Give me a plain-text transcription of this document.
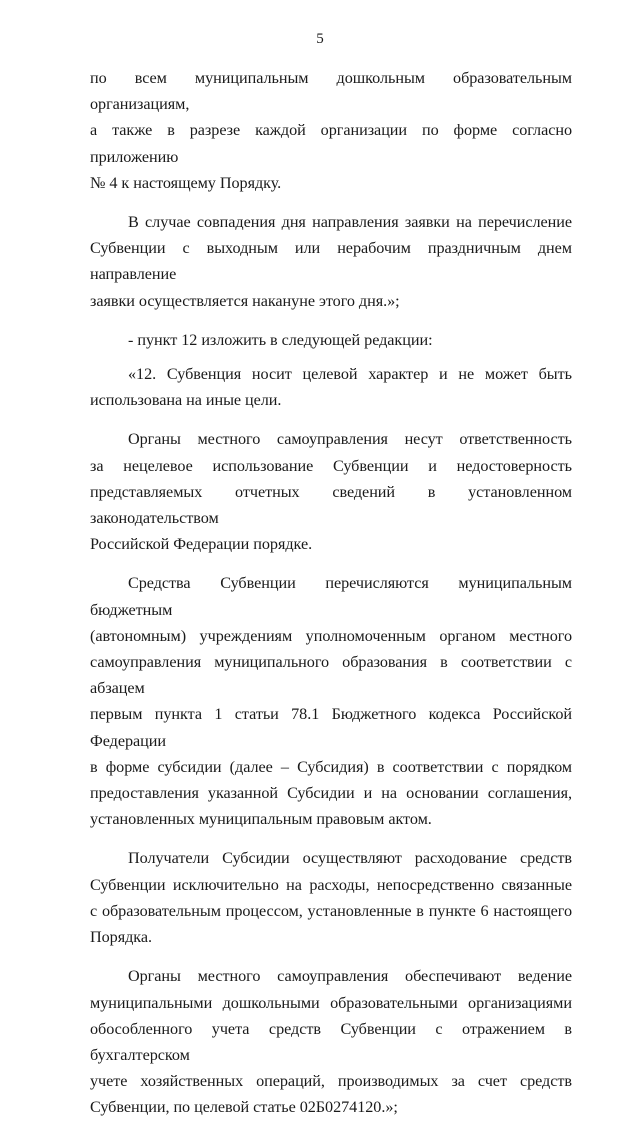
5
по всем муниципальным дошкольным образовательным организациям,
а также в разрезе каждой организации по форме согласно приложению
№ 4 к настоящему Порядку.
В случае совпадения дня направления заявки на перечисление
Субвенции с выходным или нерабочим праздничным днем направление
заявки осуществляется накануне этого дня.»;
- пункт 12 изложить в следующей редакции:
«12. Субвенция носит целевой характер и не может быть
использована на иные цели.
Органы местного самоуправления несут ответственность
за нецелевое использование Субвенции и недостоверность
представляемых отчетных сведений в установленном законодательством
Российской Федерации порядке.
Средства Субвенции перечисляются муниципальным бюджетным
(автономным) учреждениям уполномоченным органом местного
самоуправления муниципального образования в соответствии с абзацем
первым пункта 1 статьи 78.1 Бюджетного кодекса Российской Федерации
в форме субсидии (далее – Субсидия) в соответствии с порядком
предоставления указанной Субсидии и на основании соглашения,
установленных муниципальным правовым актом.
Получатели Субсидии осуществляют расходование средств
Субвенции исключительно на расходы, непосредственно связанные
с образовательным процессом, установленные в пункте 6 настоящего
Порядка.
Органы местного самоуправления обеспечивают ведение
муниципальными дошкольными образовательными организациями
обособленного учета средств Субвенции с отражением в бухгалтерском
учете хозяйственных операций, производимых за счет средств
Субвенции, по целевой статье 02Б0274120.»;
